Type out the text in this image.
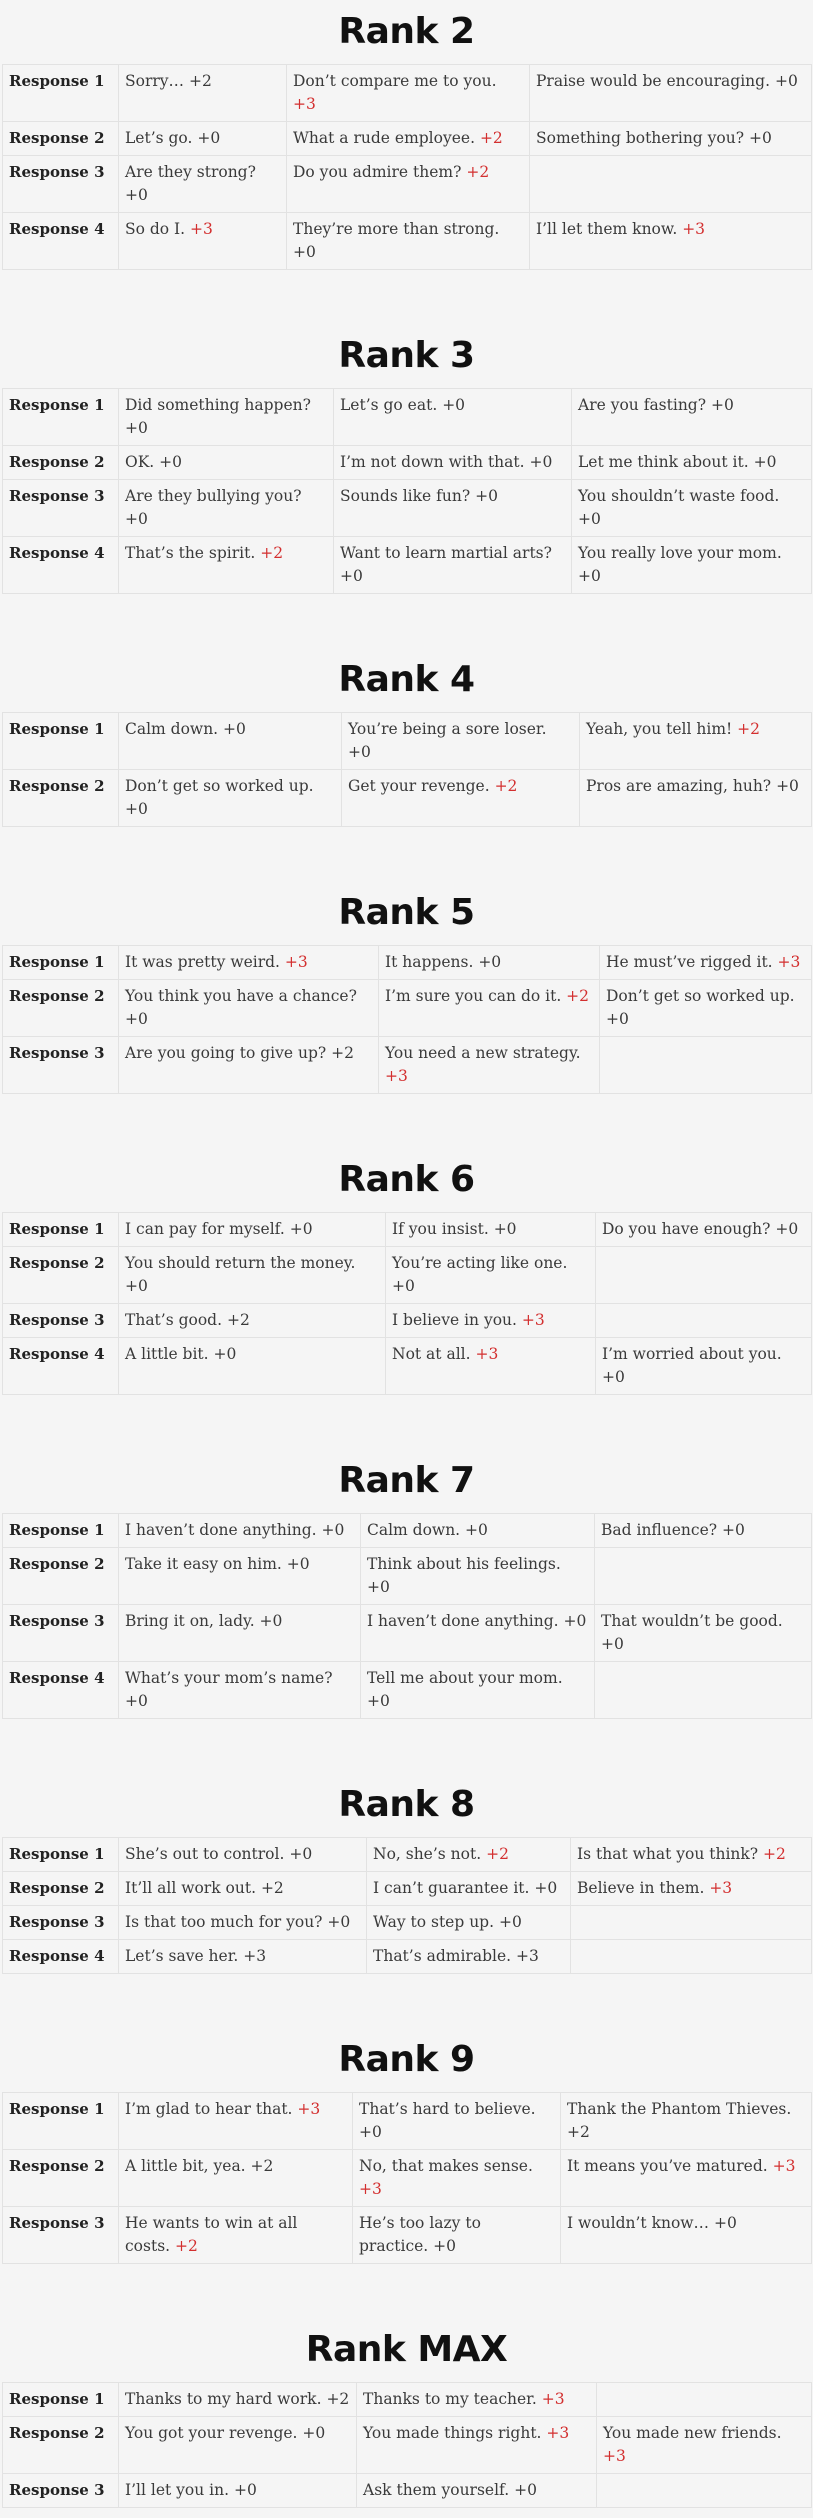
Rank 2
Response 1	Sorry… +2	Don’t compare me to you. +3	Praise would be encouraging. +0
Response 2	Let’s go. +0	What a rude employee. +2	Something bothering you? +0
Response 3	Are they strong? +0	Do you admire them? +2	
Response 4	So do I. +3	They’re more than strong. +0	I’ll let them know. +3
Rank 3
Response 1	Did something happen? +0	Let’s go eat. +0	Are you fasting? +0
Response 2	OK. +0	I’m not down with that. +0	Let me think about it. +0
Response 3	Are they bullying you? +0	Sounds like fun? +0	You shouldn’t waste food. +0
Response 4	That’s the spirit. +2	Want to learn martial arts? +0	You really love your mom. +0
Rank 4
Response 1	Calm down. +0	You’re being a sore loser. +0	Yeah, you tell him! +2
Response 2	Don’t get so worked up. +0	Get your revenge. +2	Pros are amazing, huh? +0
Rank 5
Response 1	It was pretty weird. +3	It happens. +0	He must’ve rigged it. +3
Response 2	You think you have a chance? +0	I’m sure you can do it. +2	Don’t get so worked up. +0
Response 3	Are you going to give up? +2	You need a new strategy. +3	
Rank 6
Response 1	I can pay for myself. +0	If you insist. +0	Do you have enough? +0
Response 2	You should return the money. +0	You’re acting like one. +0	
Response 3	That’s good. +2	I believe in you. +3	
Response 4	A little bit. +0	Not at all. +3	I’m worried about you. +0
Rank 7
Response 1	I haven’t done anything. +0	Calm down. +0	Bad influence? +0
Response 2	Take it easy on him. +0	Think about his feelings. +0	
Response 3	Bring it on, lady. +0	I haven’t done anything. +0	That wouldn’t be good. +0
Response 4	What’s your mom’s name? +0	Tell me about your mom. +0	
Rank 8
Response 1	She’s out to control. +0	No, she’s not. +2	Is that what you think? +2
Response 2	It’ll all work out. +2	I can’t guarantee it. +0	Believe in them. +3
Response 3	Is that too much for you? +0	Way to step up. +0	
Response 4	Let’s save her. +3	That’s admirable. +3	
Rank 9
Response 1	I’m glad to hear that. +3	That’s hard to believe. +0	Thank the Phantom Thieves. +2
Response 2	A little bit, yea. +2	No, that makes sense. +3	It means you’ve matured. +3
Response 3	He wants to win at all costs. +2	He’s too lazy to practice. +0	I wouldn’t know… +0
Rank MAX
Response 1	Thanks to my hard work. +2	Thanks to my teacher. +3	
Response 2	You got your revenge. +0	You made things right. +3	You made new friends. +3
Response 3	I’ll let you in. +0	Ask them yourself. +0	
